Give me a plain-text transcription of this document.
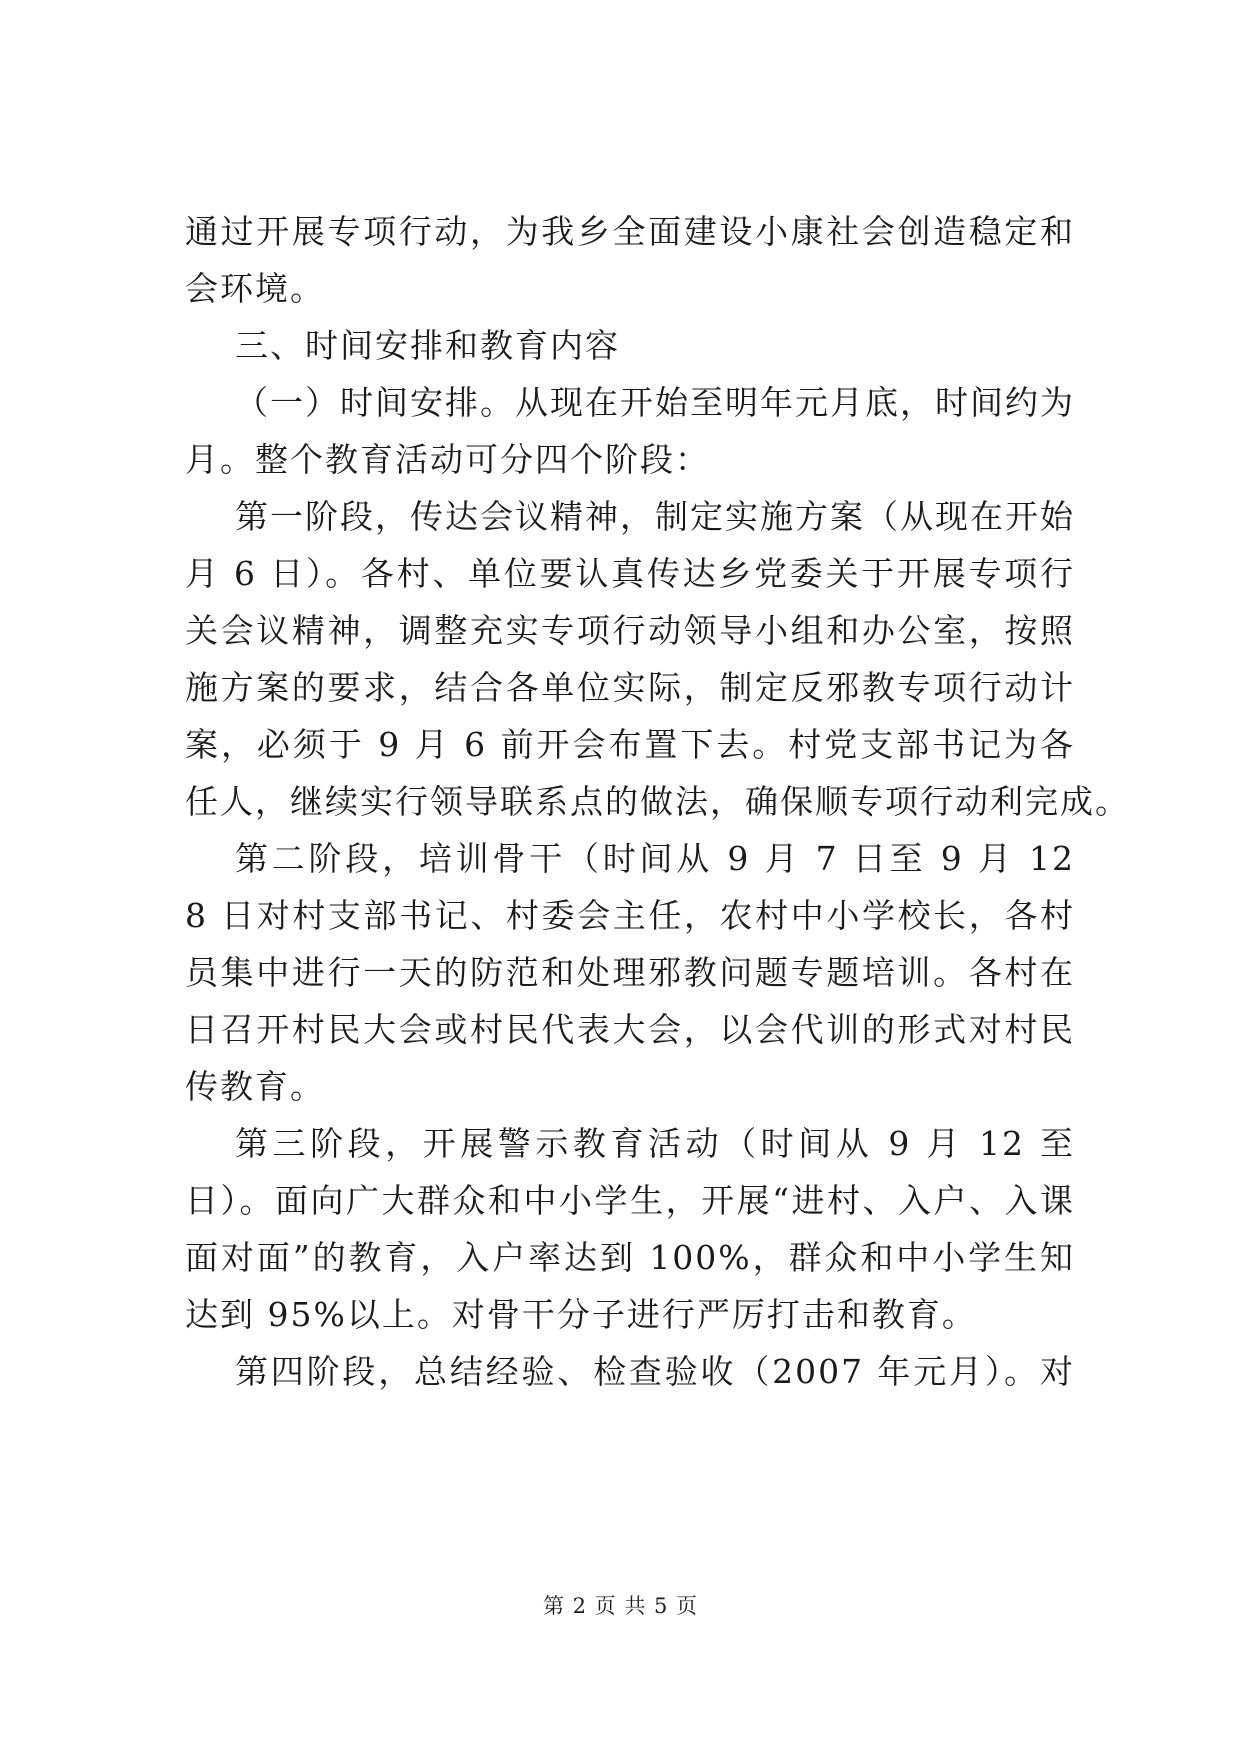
通过开展专项行动，为我乡全面建设小康社会创造稳定和
会环境。
三、时间安排和教育内容
（一）时间安排。从现在开始至明年元月底，时间约为
月。整个教育活动可分四个阶段：
第一阶段，传达会议精神，制定实施方案（从现在开始
月 6 日）。各村、单位要认真传达乡党委关于开展专项行
关会议精神，调整充实专项行动领导小组和办公室，按照
施方案的要求，结合各单位实际，制定反邪教专项行动计
案，必须于 9 月 6 前开会布置下去。村党支部书记为各
任人，继续实行领导联系点的做法，确保顺专项行动利完成。
第二阶段，培训骨干（时间从 9 月 7 日至 9 月 12
8 日对村支部书记、村委会主任，农村中小学校长，各村
员集中进行一天的防范和处理邪教问题专题培训。各村在
日召开村民大会或村民代表大会，以会代训的形式对村民
传教育。
第三阶段，开展警示教育活动（时间从 9 月 12 至
日）。面向广大群众和中小学生，开展“进村、入户、入课
面对面”的教育，入户率达到 100%，群众和中小学生知
达到 95%以上。对骨干分子进行严厉打击和教育。
第四阶段，总结经验、检查验收（2007 年元月）。对
第 2 页 共 5 页
